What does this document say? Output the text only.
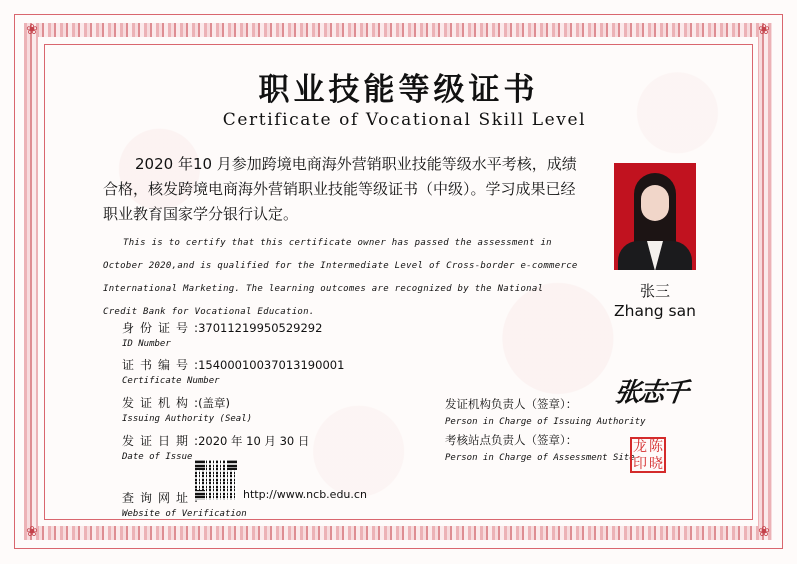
❀	❀
❀	❀
职业技能等级证书
Certificate of Vocational Skill Level
2020 年10 月参加跨境电商海外营销职业技能等级水平考核，成绩合格，核发跨境电商海外营销职业技能等级证书（中级）。学习成果已经职业教育国家学分银行认定。
This is to certify that this certificate owner has passed the assessment in October 2020,and is qualified for the Intermediate Level of Cross-border e-commerce International Marketing. The learning outcomes are recognized by the National Credit Bank for Vocational Education.
身份证号:37011219950529292
ID Number
证书编号:15400010037013190001
Certificate Number
发证机构:(盖章)
Issuing Authority (Seal)
发证日期:2020 年 10 月 30 日
Date of Issue
查询网址
Website of Verification
http://www.ncb.edu.cn
张三
Zhang san
发证机构负责人（签章）：
Person in Charge of Issuing Authority
张志千
考核站点负责人（签章）：
Person in Charge of Assessment Site
龙 陈
印 晓
